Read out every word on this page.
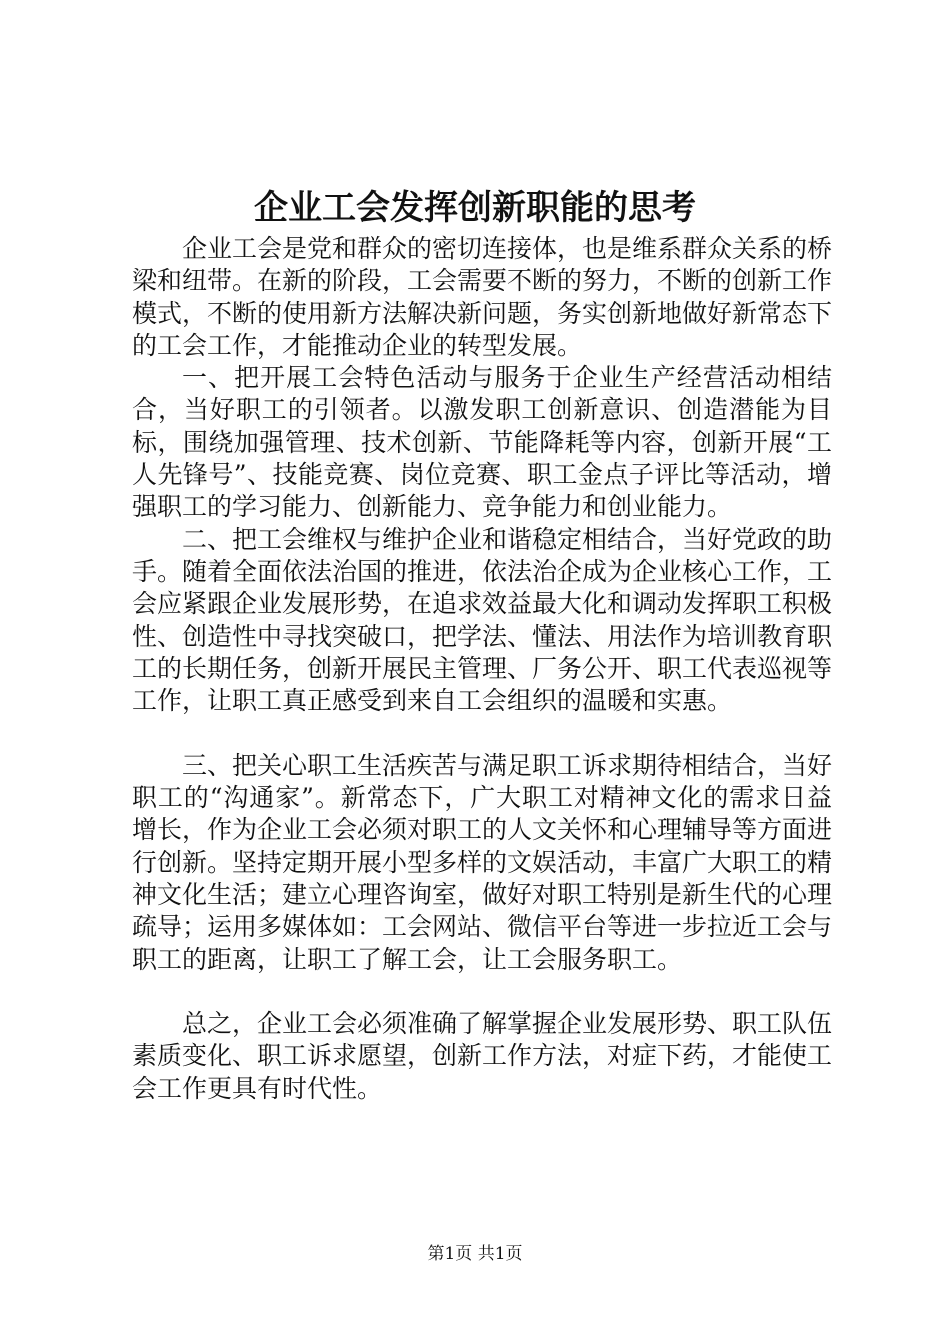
企业工会发挥创新职能的思考

企业工会是党和群众的密切连接体，也是维系群众关系的桥梁和纽带。在新的阶段，工会需要不断的努力，不断的创新工作模式，不断的使用新方法解决新问题，务实创新地做好新常态下的工会工作，才能推动企业的转型发展。

一、把开展工会特色活动与服务于企业生产经营活动相结合，当好职工的引领者。以激发职工创新意识、创造潜能为目标，围绕加强管理、技术创新、节能降耗等内容，创新开展“工人先锋号”、技能竞赛、岗位竞赛、职工金点子评比等活动，增强职工的学习能力、创新能力、竞争能力和创业能力。

二、把工会维权与维护企业和谐稳定相结合，当好党政的助手。随着全面依法治国的推进，依法治企成为企业核心工作，工会应紧跟企业发展形势，在追求效益最大化和调动发挥职工积极性、创造性中寻找突破口，把学法、懂法、用法作为培训教育职工的长期任务，创新开展民主管理、厂务公开、职工代表巡视等工作，让职工真正感受到来自工会组织的温暖和实惠。

三、把关心职工生活疾苦与满足职工诉求期待相结合，当好职工的“沟通家”。新常态下，广大职工对精神文化的需求日益增长，作为企业工会必须对职工的人文关怀和心理辅导等方面进行创新。坚持定期开展小型多样的文娱活动，丰富广大职工的精神文化生活；建立心理咨询室，做好对职工特别是新生代的心理疏导；运用多媒体如：工会网站、微信平台等进一步拉近工会与职工的距离，让职工了解工会，让工会服务职工。

总之，企业工会必须准确了解掌握企业发展形势、职工队伍素质变化、职工诉求愿望，创新工作方法，对症下药，才能使工会工作更具有时代性。

第1页 共1页
